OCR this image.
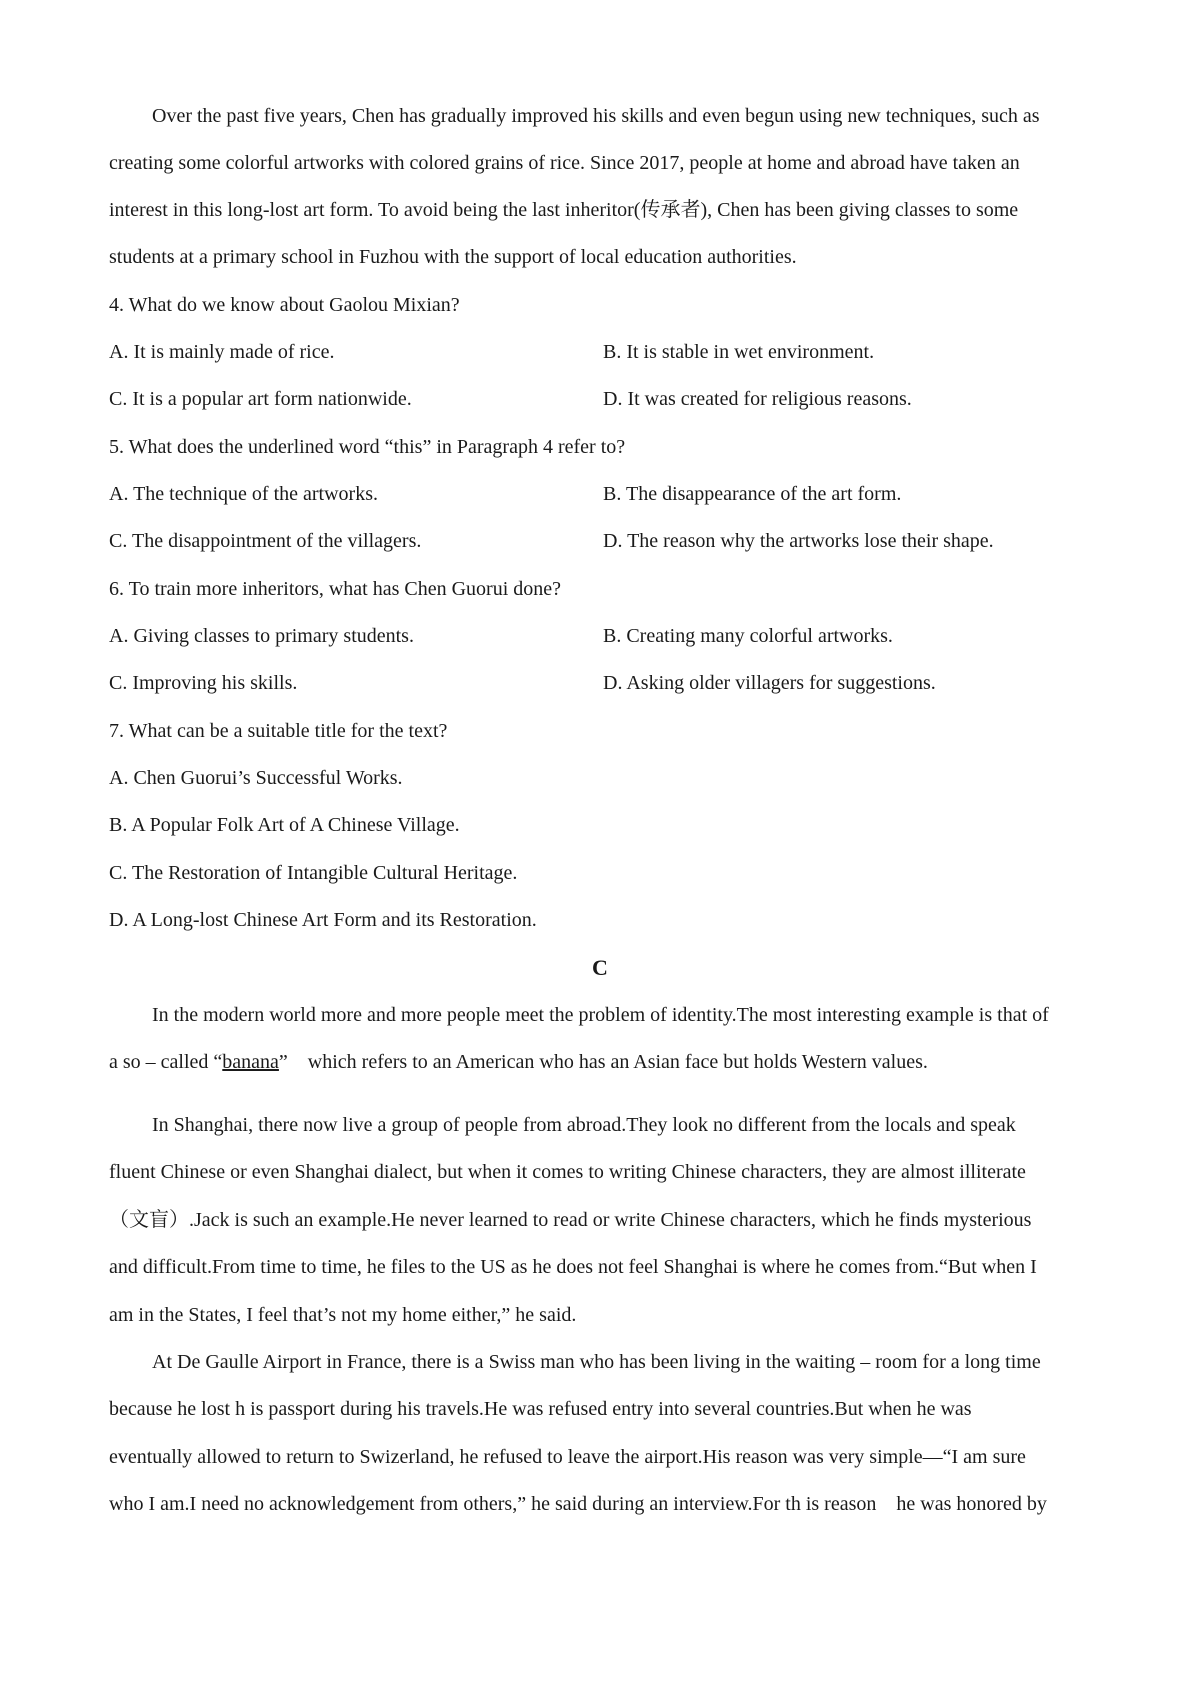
Over the past five years, Chen has gradually improved his skills and even begun using new techniques, such as
creating some colorful artworks with colored grains of rice. Since 2017, people at home and abroad have taken an
interest in this long-lost art form. To avoid being the last inheritor(传承者), Chen has been giving classes to some
students at a primary school in Fuzhou with the support of local education authorities.
4. What do we know about Gaolou Mixian?
A. It is mainly made of rice.	B. It is stable in wet environment.
C. It is a popular art form nationwide.	D. It was created for religious reasons.
5. What does the underlined word “this” in Paragraph 4 refer to?
A. The technique of the artworks.	B. The disappearance of the art form.
C. The disappointment of the villagers.	D. The reason why the artworks lose their shape.
6. To train more inheritors, what has Chen Guorui done?
A. Giving classes to primary students.	B. Creating many colorful artworks.
C. Improving his skills.	D. Asking older villagers for suggestions.
7. What can be a suitable title for the text?
A. Chen Guorui’s Successful Works.
B. A Popular Folk Art of A Chinese Village.
C. The Restoration of Intangible Cultural Heritage.
D. A Long-lost Chinese Art Form and its Restoration.
C
In the modern world more and more people meet the problem of identity.The most interesting example is that of
a so – called “banana”　which refers to an American who has an Asian face but holds Western values.
In Shanghai, there now live a group of people from abroad.They look no different from the locals and speak
fluent Chinese or even Shanghai dialect, but when it comes to writing Chinese characters, they are almost illiterate
（文盲）.Jack is such an example.He never learned to read or write Chinese characters, which he finds mysterious
and difficult.From time to time, he files to the US as he does not feel Shanghai is where he comes from.“But when I
am in the States, I feel that’s not my home either,” he said.
At De Gaulle Airport in France, there is a Swiss man who has been living in the waiting – room for a long time
because he lost h is passport during his travels.He was refused entry into several countries.But when he was
eventually allowed to return to Swizerland, he refused to leave the airport.His reason was very simple—“I am sure
who I am.I need no acknowledgement from others,” he said during an interview.For th is reason　he was honored by
